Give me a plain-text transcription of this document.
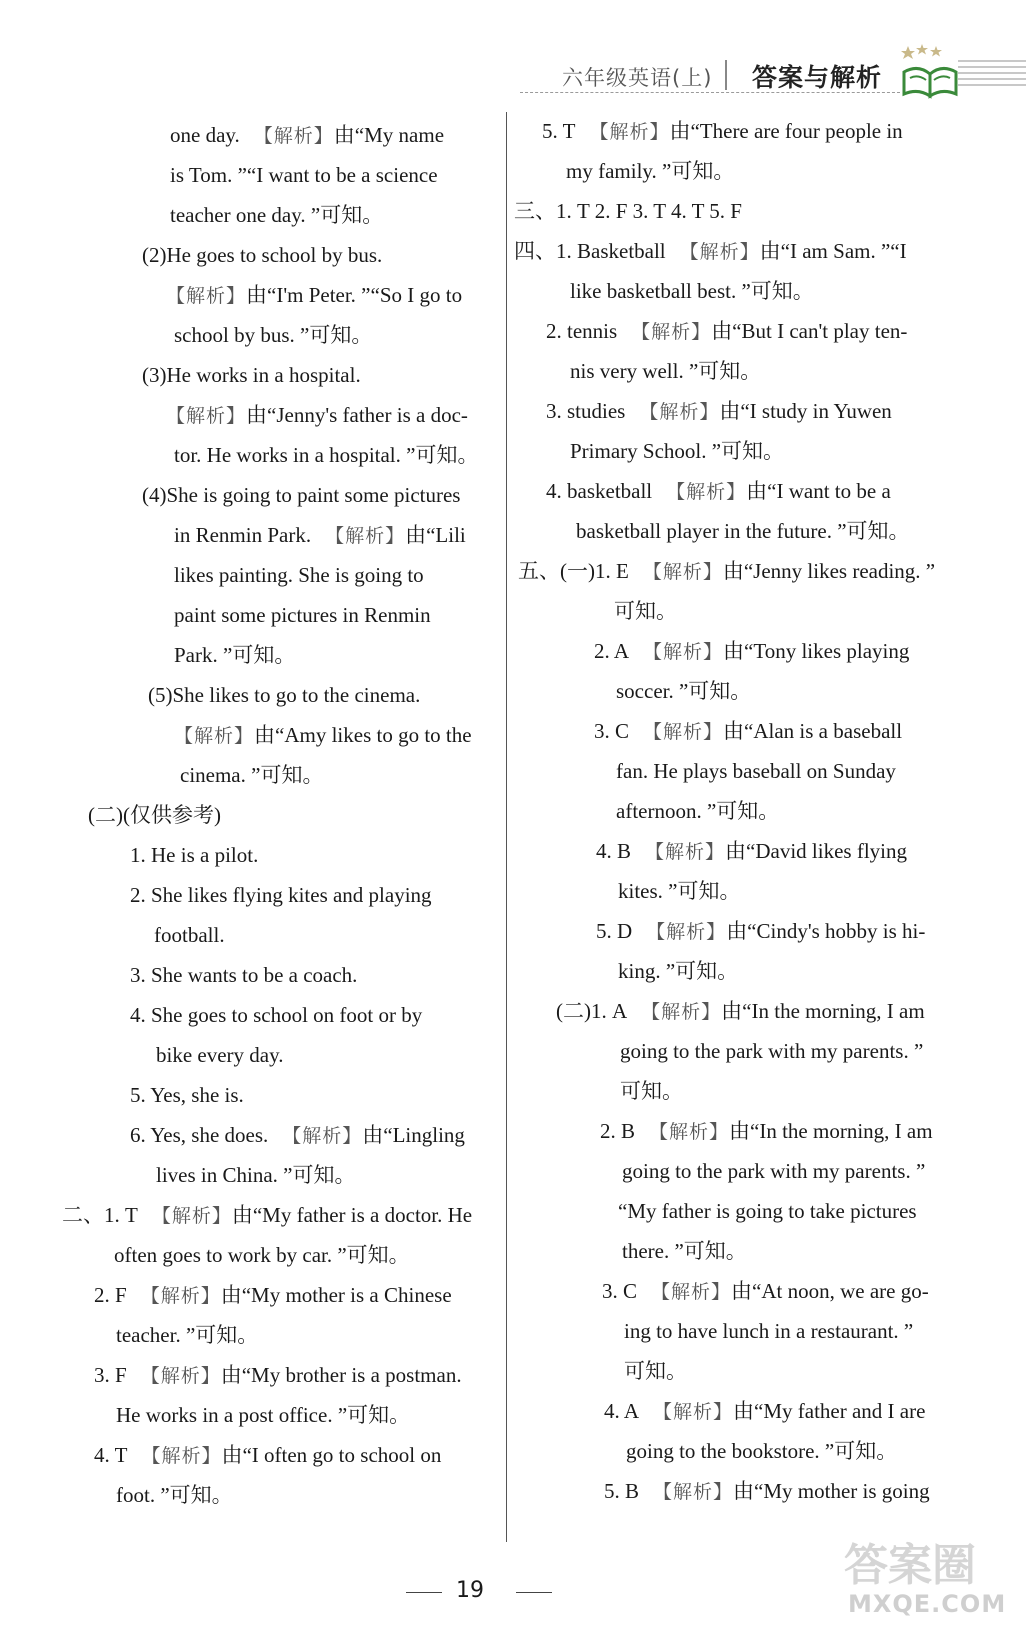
六年级英语(上) 答案与解析
one day. 【解析】由“My name
is Tom. ”“I want to be a science
teacher one day. ”可知。
(2)He goes to school by bus.
【解析】由“I'm Peter. ”“So I go to
school by bus. ”可知。
(3)He works in a hospital.
【解析】由“Jenny's father is a doc-
tor. He works in a hospital. ”可知。
(4)She is going to paint some pictures
in Renmin Park. 【解析】由“Lili
likes painting. She is going to
paint some pictures in Renmin
Park. ”可知。
(5)She likes to go to the cinema.
【解析】由“Amy likes to go to the
cinema. ”可知。
(二)(仅供参考)
1. He is a pilot.
2. She likes flying kites and playing
football.
3. She wants to be a coach.
4. She goes to school on foot or by
bike every day.
5. Yes, she is.
6. Yes, she does. 【解析】由“Lingling
lives in China. ”可知。
二、1. T 【解析】由“My father is a doctor. He
often goes to work by car. ”可知。
2. F 【解析】由“My mother is a Chinese
teacher. ”可知。
3. F 【解析】由“My brother is a postman.
He works in a post office. ”可知。
4. T 【解析】由“I often go to school on
foot. ”可知。
5. T 【解析】由“There are four people in
my family. ”可知。
三、1. T 2. F 3. T 4. T 5. F
四、1. Basketball 【解析】由“I am Sam. ”“I
like basketball best. ”可知。
2. tennis 【解析】由“But I can't play ten-
nis very well. ”可知。
3. studies 【解析】由“I study in Yuwen
Primary School. ”可知。
4. basketball 【解析】由“I want to be a
basketball player in the future. ”可知。
五、(一)1. E 【解析】由“Jenny likes reading. ”
可知。
2. A 【解析】由“Tony likes playing
soccer. ”可知。
3. C 【解析】由“Alan is a baseball
fan. He plays baseball on Sunday
afternoon. ”可知。
4. B 【解析】由“David likes flying
kites. ”可知。
5. D 【解析】由“Cindy's hobby is hi-
king. ”可知。
(二)1. A 【解析】由“In the morning, I am
going to the park with my parents. ”
可知。
2. B 【解析】由“In the morning, I am
going to the park with my parents. ”
“My father is going to take pictures
there. ”可知。
3. C 【解析】由“At noon, we are go-
ing to have lunch in a restaurant. ”
可知。
4. A 【解析】由“My father and I are
going to the bookstore. ”可知。
5. B 【解析】由“My mother is going
19	答案圈
MXQE.COM
